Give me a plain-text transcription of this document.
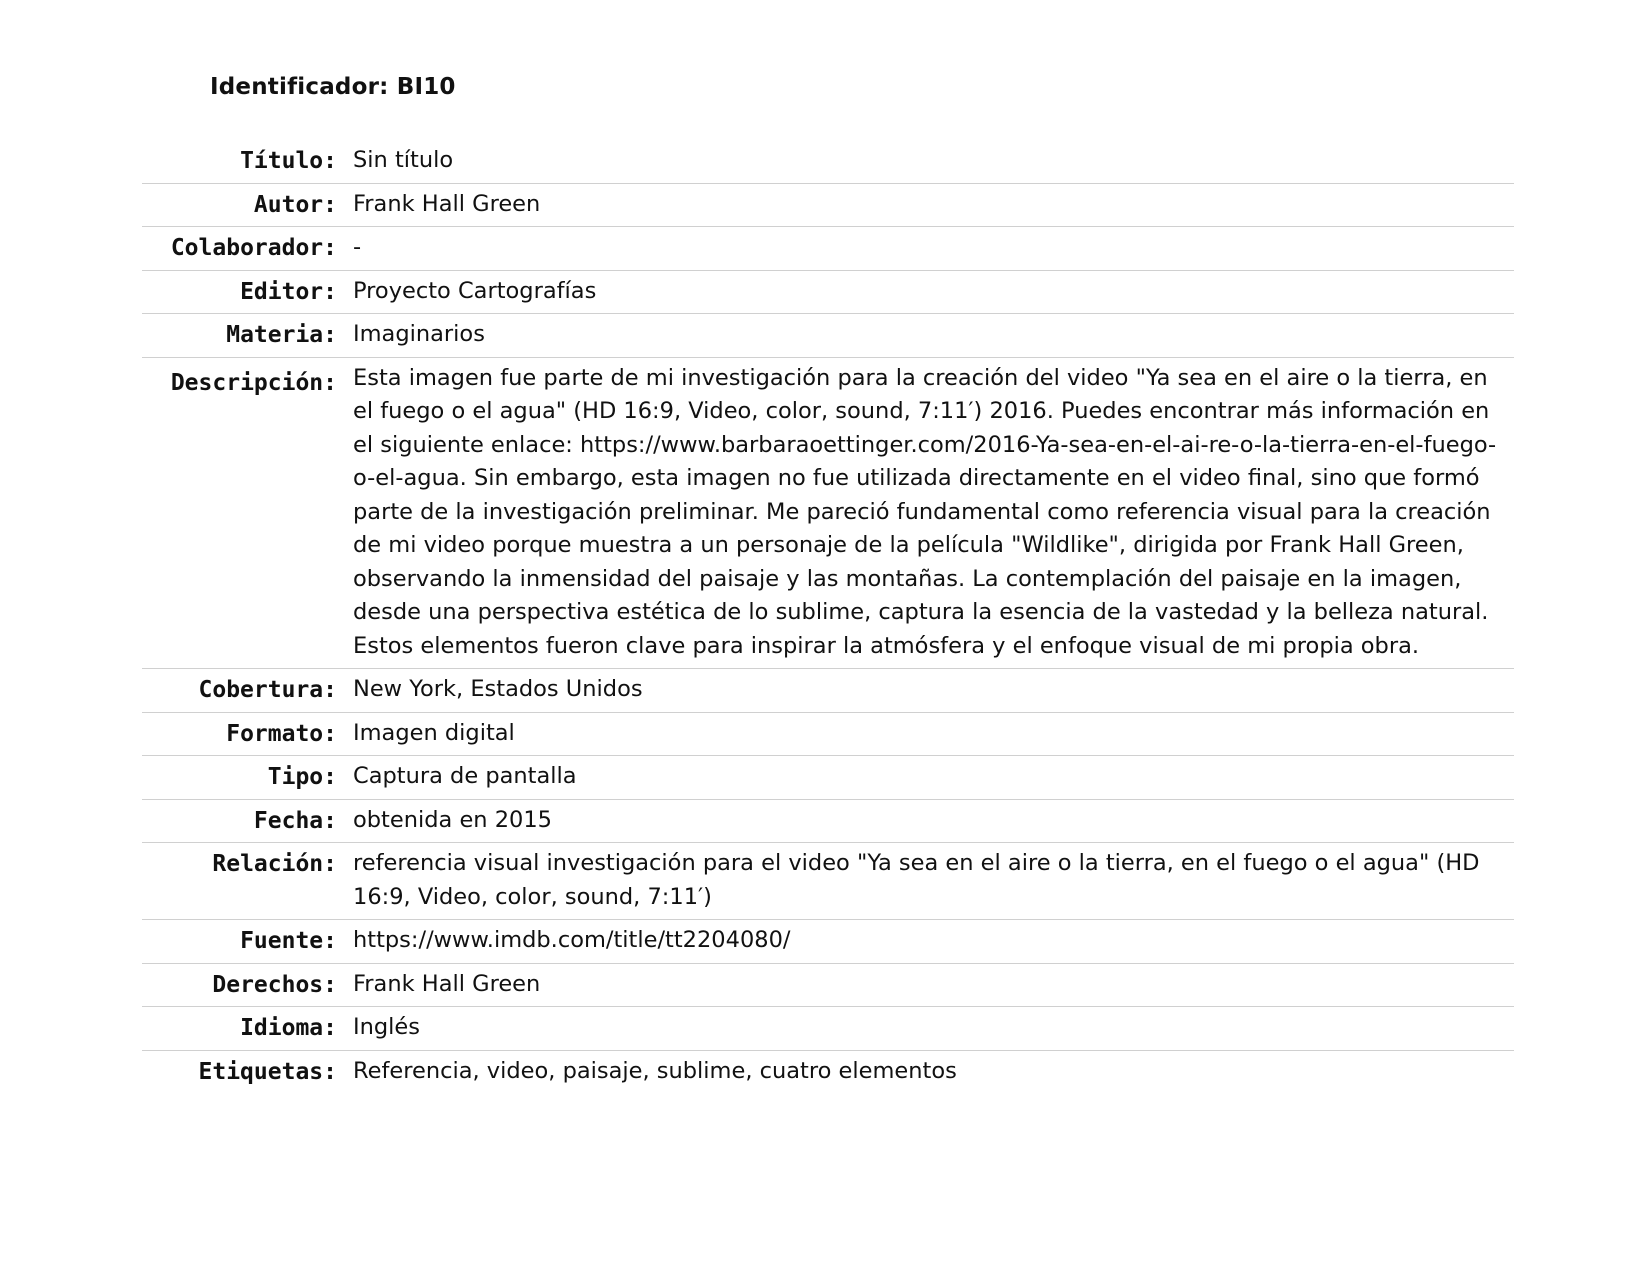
Identificador: BI10
Título: Sin título
Autor: Frank Hall Green
Colaborador: -
Editor: Proyecto Cartografías
Materia: Imaginarios
Descripción: Esta imagen fue parte de mi investigación para la creación del video "Ya sea en el aire o la tierra, en el fuego o el agua" (HD 16:9, Video, color, sound, 7:11′) 2016. Puedes encontrar más información en el siguiente enlace: https://www.barbaraoettinger.com/2016-Ya-sea-en-el-ai-re-o-la-tierra-en-el-fuego-o-el-agua. Sin embargo, esta imagen no fue utilizada directamente en el video final, sino que formó parte de la investigación preliminar. Me pareció fundamental como referencia visual para la creación de mi video porque muestra a un personaje de la película "Wildlike", dirigida por Frank Hall Green, observando la inmensidad del paisaje y las montañas. La contemplación del paisaje en la imagen, desde una perspectiva estética de lo sublime, captura la esencia de la vastedad y la belleza natural. Estos elementos fueron clave para inspirar la atmósfera y el enfoque visual de mi propia obra.
Cobertura: New York, Estados Unidos
Formato: Imagen digital
Tipo: Captura de pantalla
Fecha: obtenida en 2015
Relación: referencia visual investigación para el video "Ya sea en el aire o la tierra, en el fuego o el agua" (HD 16:9, Video, color, sound, 7:11′)
Fuente: https://www.imdb.com/title/tt2204080/
Derechos: Frank Hall Green
Idioma: Inglés
Etiquetas: Referencia, video, paisaje, sublime, cuatro elementos
